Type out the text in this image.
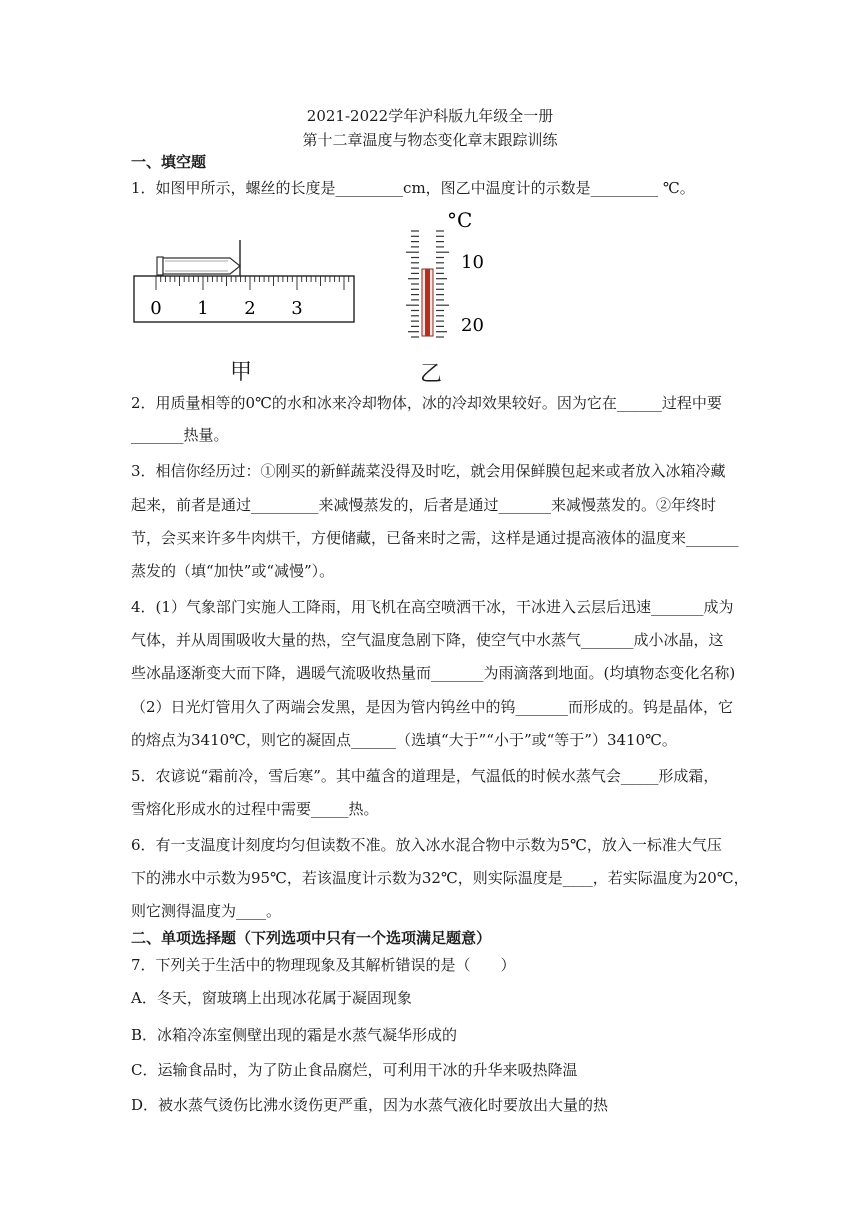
2021-2022学年沪科版九年级全一册
第十二章温度与物态变化章末跟踪训练
一、填空题
1．如图甲所示，螺丝的长度是_________cm，图乙中温度计的示数是_________ ℃。
0 1 2 3
°C
10
20
甲	乙
2．用质量相等的0℃的水和冰来冷却物体，冰的冷却效果较好。因为它在______过程中要
_______热量。
3．相信你经历过：①刚买的新鲜蔬菜没得及时吃，就会用保鲜膜包起来或者放入冰箱冷藏
起来，前者是通过_________来减慢蒸发的，后者是通过_______来减慢蒸发的。②年终时
节，会买来许多牛肉烘干，方便储藏，已备来时之需，这样是通过提高液体的温度来_______
蒸发的（填“加快”或“减慢”）。
4．(1）气象部门实施人工降雨，用飞机在高空喷洒干冰，干冰进入云层后迅速_______成为
气体，并从周围吸收大量的热，空气温度急剧下降，使空气中水蒸气_______成小冰晶，这
些冰晶逐渐变大而下降，遇暖气流吸收热量而_______为雨滴落到地面。(均填物态变化名称)
（2）日光灯管用久了两端会发黑，是因为管内钨丝中的钨_______而形成的。钨是晶体，它
的熔点为3410℃，则它的凝固点______（选填“大于”“小于”或“等于”）3410℃。
5．农谚说“霜前冷，雪后寒”。其中蕴含的道理是，气温低的时候水蒸气会_____形成霜，
雪熔化形成水的过程中需要_____热。
6．有一支温度计刻度均匀但读数不准。放入冰水混合物中示数为5℃，放入一标准大气压
下的沸水中示数为95℃，若该温度计示数为32℃，则实际温度是____，若实际温度为20℃，
则它测得温度为____。
二、单项选择题（下列选项中只有一个选项满足题意）
7．下列关于生活中的物理现象及其解析错误的是（　　）
A．冬天，窗玻璃上出现冰花属于凝固现象
B．冰箱冷冻室侧壁出现的霜是水蒸气凝华形成的
C．运输食品时，为了防止食品腐烂，可利用干冰的升华来吸热降温
D．被水蒸气烫伤比沸水烫伤更严重，因为水蒸气液化时要放出大量的热
